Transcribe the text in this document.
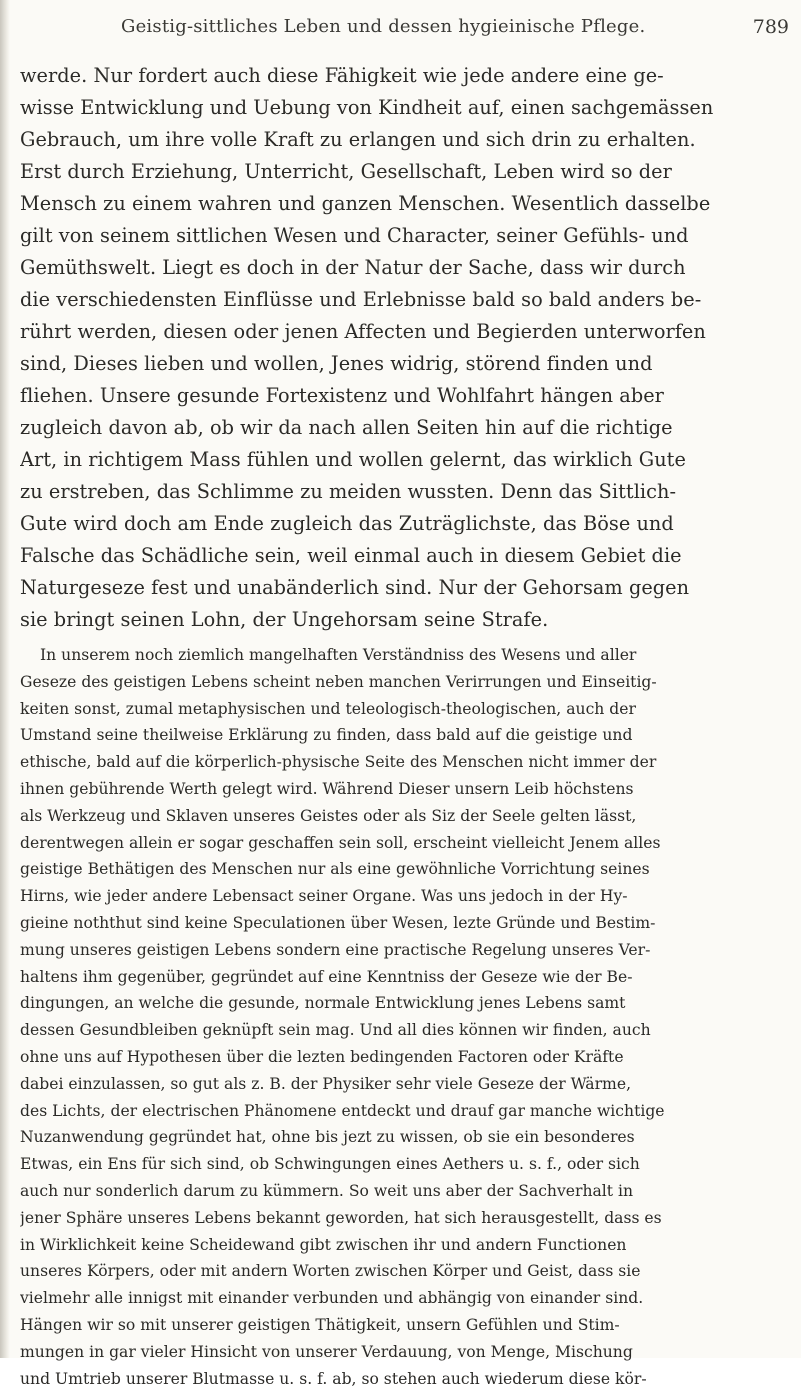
Geistig-sittliches Leben und dessen hygieinische Pflege.	789
werde. Nur fordert auch diese Fähigkeit wie jede andere eine ge-
wisse Entwicklung und Uebung von Kindheit auf, einen sachgemässen
Gebrauch, um ihre volle Kraft zu erlangen und sich drin zu erhalten.
Erst durch Erziehung, Unterricht, Gesellschaft, Leben wird so der
Mensch zu einem wahren und ganzen Menschen. Wesentlich dasselbe
gilt von seinem sittlichen Wesen und Character, seiner Gefühls- und
Gemüthswelt. Liegt es doch in der Natur der Sache, dass wir durch
die verschiedensten Einflüsse und Erlebnisse bald so bald anders be-
rührt werden, diesen oder jenen Affecten und Begierden unterworfen
sind, Dieses lieben und wollen, Jenes widrig, störend finden und
fliehen. Unsere gesunde Fortexistenz und Wohlfahrt hängen aber
zugleich davon ab, ob wir da nach allen Seiten hin auf die richtige
Art, in richtigem Mass fühlen und wollen gelernt, das wirklich Gute
zu erstreben, das Schlimme zu meiden wussten. Denn das Sittlich-
Gute wird doch am Ende zugleich das Zuträglichste, das Böse und
Falsche das Schädliche sein, weil einmal auch in diesem Gebiet die
Naturgeseze fest und unabänderlich sind. Nur der Gehorsam gegen
sie bringt seinen Lohn, der Ungehorsam seine Strafe.
In unserem noch ziemlich mangelhaften Verständniss des Wesens und aller
Geseze des geistigen Lebens scheint neben manchen Verirrungen und Einseitig-
keiten sonst, zumal metaphysischen und teleologisch-theologischen, auch der
Umstand seine theilweise Erklärung zu finden, dass bald auf die geistige und
ethische, bald auf die körperlich-physische Seite des Menschen nicht immer der
ihnen gebührende Werth gelegt wird. Während Dieser unsern Leib höchstens
als Werkzeug und Sklaven unseres Geistes oder als Siz der Seele gelten lässt,
derentwegen allein er sogar geschaffen sein soll, erscheint vielleicht Jenem alles
geistige Bethätigen des Menschen nur als eine gewöhnliche Vorrichtung seines
Hirns, wie jeder andere Lebensact seiner Organe. Was uns jedoch in der Hy-
gieine noththut sind keine Speculationen über Wesen, lezte Gründe und Bestim-
mung unseres geistigen Lebens sondern eine practische Regelung unseres Ver-
haltens ihm gegenüber, gegründet auf eine Kenntniss der Geseze wie der Be-
dingungen, an welche die gesunde, normale Entwicklung jenes Lebens samt
dessen Gesundbleiben geknüpft sein mag. Und all dies können wir finden, auch
ohne uns auf Hypothesen über die lezten bedingenden Factoren oder Kräfte
dabei einzulassen, so gut als z. B. der Physiker sehr viele Geseze der Wärme,
des Lichts, der electrischen Phänomene entdeckt und drauf gar manche wichtige
Nuzanwendung gegründet hat, ohne bis jezt zu wissen, ob sie ein besonderes
Etwas, ein Ens für sich sind, ob Schwingungen eines Aethers u. s. f., oder sich
auch nur sonderlich darum zu kümmern. So weit uns aber der Sachverhalt in
jener Sphäre unseres Lebens bekannt geworden, hat sich herausgestellt, dass es
in Wirklichkeit keine Scheidewand gibt zwischen ihr und andern Functionen
unseres Körpers, oder mit andern Worten zwischen Körper und Geist, dass sie
vielmehr alle innigst mit einander verbunden und abhängig von einander sind.
Hängen wir so mit unserer geistigen Thätigkeit, unsern Gefühlen und Stim-
mungen in gar vieler Hinsicht von unserer Verdauung, von Menge, Mischung
und Umtrieb unserer Blutmasse u. s. f. ab, so stehen auch wiederum diese kör-
